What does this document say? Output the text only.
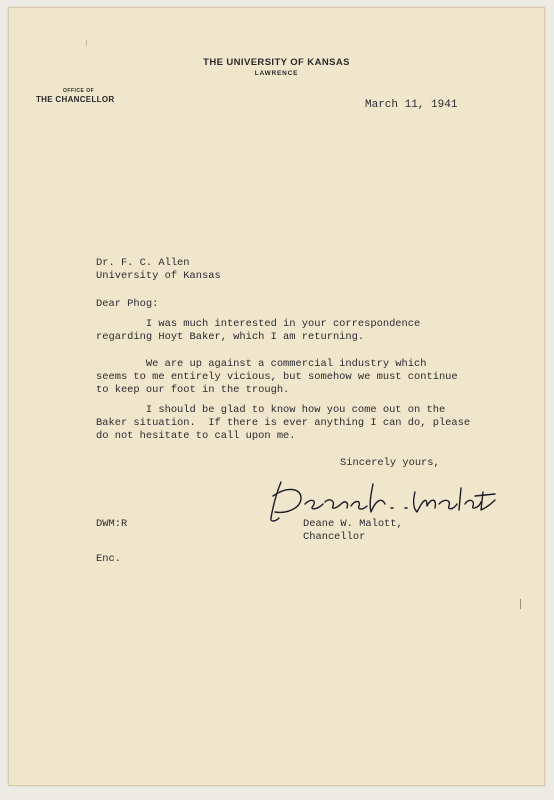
THE UNIVERSITY OF KANSAS
LAWRENCE
OFFICE OF
THE CHANCELLOR	March 11, 1941
Dr. F. C. Allen
University of Kansas
Dear Phog:
I was much interested in your correspondence
regarding Hoyt Baker, which I am returning.
We are up against a commercial industry which
seems to me entirely vicious, but somehow we must continue
to keep our foot in the trough.
I should be glad to know how you come out on the
Baker situation.  If there is ever anything I can do, please
do not hesitate to call upon me.
Sincerely yours,
Deane W. Malott,
Chancellor
DWM:R
Enc.
